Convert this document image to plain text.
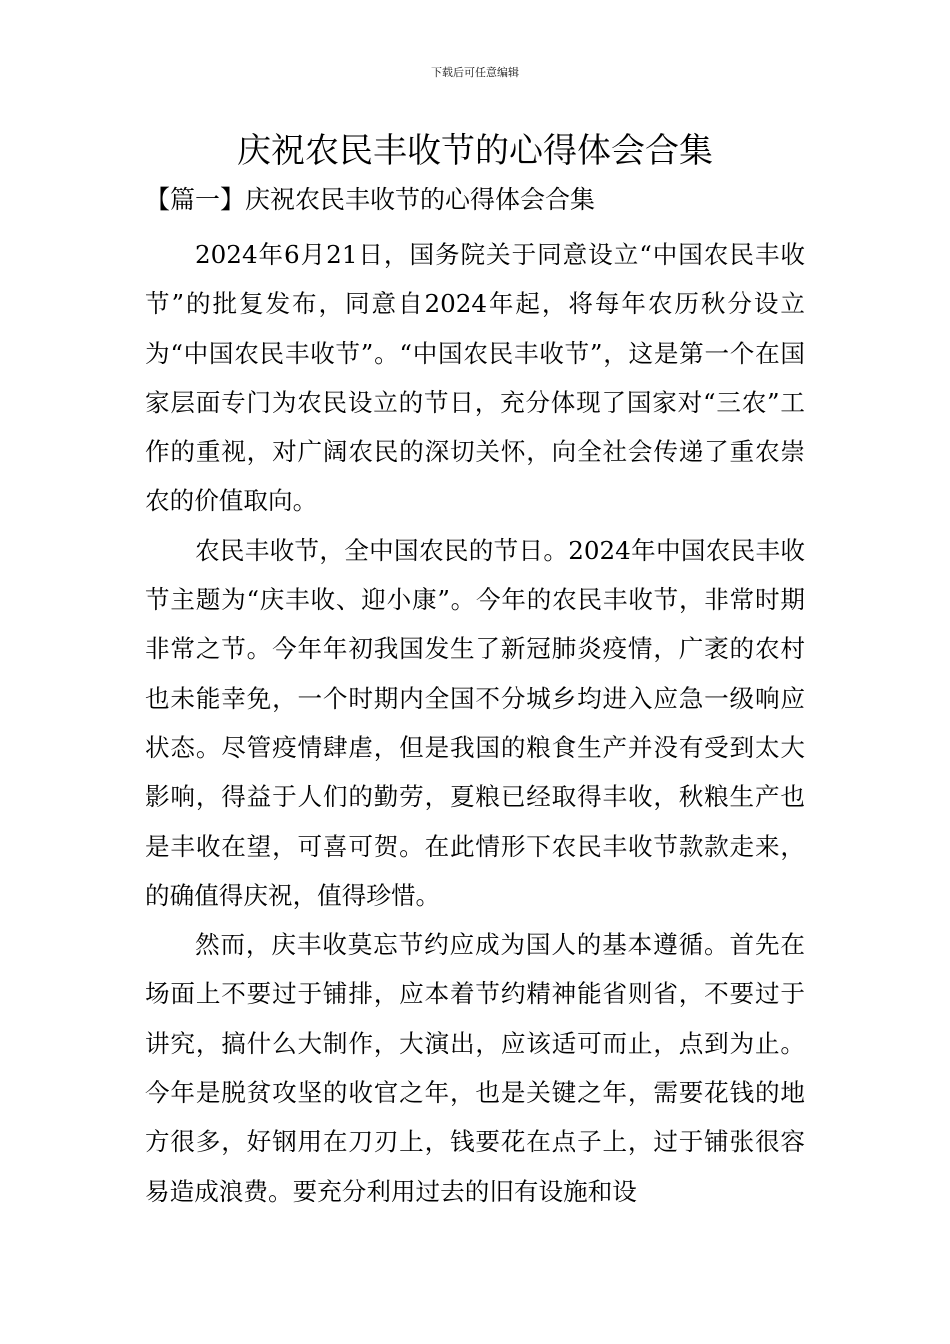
下载后可任意编辑
庆祝农民丰收节的心得体会合集
【篇一】庆祝农民丰收节的心得体会合集

2024年6月21日，国务院关于同意设立“中国农民丰收节”的批复发布，同意自2024年起，将每年农历秋分设立为“中国农民丰收节”。“中国农民丰收节”，这是第一个在国家层面专门为农民设立的节日，充分体现了国家对“三农”工作的重视，对广阔农民的深切关怀，向全社会传递了重农崇农的价值取向。

农民丰收节，全中国农民的节日。2024年中国农民丰收节主题为“庆丰收、迎小康”。今年的农民丰收节，非常时期非常之节。今年年初我国发生了新冠肺炎疫情，广袤的农村也未能幸免，一个时期内全国不分城乡均进入应急一级响应状态。尽管疫情肆虐，但是我国的粮食生产并没有受到太大影响，得益于人们的勤劳，夏粮已经取得丰收，秋粮生产也是丰收在望，可喜可贺。在此情形下农民丰收节款款走来，的确值得庆祝，值得珍惜。

然而，庆丰收莫忘节约应成为国人的基本遵循。首先在场面上不要过于铺排，应本着节约精神能省则省，不要过于讲究，搞什么大制作，大演出，应该适可而止，点到为止。今年是脱贫攻坚的收官之年，也是关键之年，需要花钱的地方很多，好钢用在刀刃上，钱要花在点子上，过于铺张很容易造成浪费。要充分利用过去的旧有设施和设
